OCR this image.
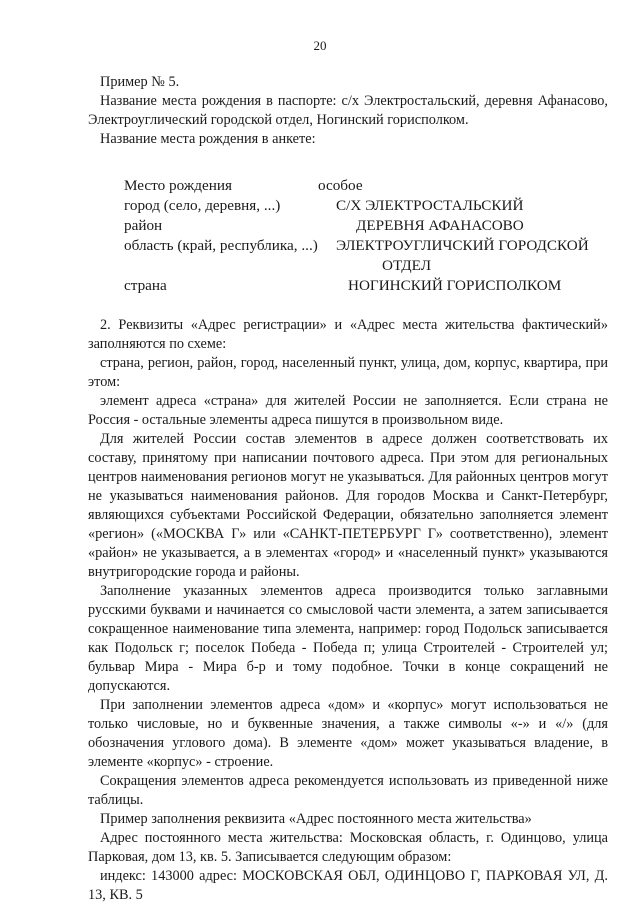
20

Пример № 5.

Название места рождения в паспорте: с/х Электростальский, деревня Афанасово, Электроуглический городской отдел, Ногинский горисполком.

Название места рождения в анкете:

Место рождения	особое
город (село, деревня, ...)	С/Х ЭЛЕКТРОСТАЛЬСКИЙ
район	ДЕРЕВНЯ АФАНАСОВО
область (край, республика, ...)	ЭЛЕКТРОУГЛИЧСКИЙ ГОРОДСКОЙ
ОТДЕЛ
страна	НОГИНСКИЙ ГОРИСПОЛКОМ

2. Реквизиты «Адрес регистрации» и «Адрес места жительства фактический» заполняются по схеме:

страна, регион, район, город, населенный пункт, улица, дом, корпус, квартира, при этом:

элемент адреса «страна» для жителей России не заполняется. Если страна не Россия - остальные элементы адреса пишутся в произвольном виде.

Для жителей России состав элементов в адресе должен соответствовать их составу, принятому при написании почтового адреса. При этом для региональных центров наименования регионов могут не указываться. Для районных центров могут не указываться наименования районов. Для городов Москва и Санкт-Петербург, являющихся субъектами Российской Федерации, обязательно заполняется элемент «регион» («МОСКВА Г» или «САНКТ-ПЕТЕРБУРГ Г» соответственно), элемент «район» не указывается, а в элементах «город» и «населенный пункт» указываются внутригородские города и районы.

Заполнение указанных элементов адреса производится только заглавными русскими буквами и начинается со смысловой части элемента, а затем записывается сокращенное наименование типа элемента, например: город Подольск записывается как Подольск г; поселок Победа - Победа п; улица Строителей - Строителей ул; бульвар Мира - Мира б-р и тому подобное. Точки в конце сокращений не допускаются.

При заполнении элементов адреса «дом» и «корпус» могут использоваться не только числовые, но и буквенные значения, а также символы «-» и «/» (для обозначения углового дома). В элементе «дом» может указываться владение, в элементе «корпус» - строение.

Сокращения элементов адреса рекомендуется использовать из приведенной ниже таблицы.

Пример заполнения реквизита «Адрес постоянного места жительства»

Адрес постоянного места жительства: Московская область, г. Одинцово, улица Парковая, дом 13, кв. 5. Записывается следующим образом:

индекс: 143000 адрес: МОСКОВСКАЯ ОБЛ, ОДИНЦОВО Г, ПАРКОВАЯ УЛ, Д. 13, КВ. 5
